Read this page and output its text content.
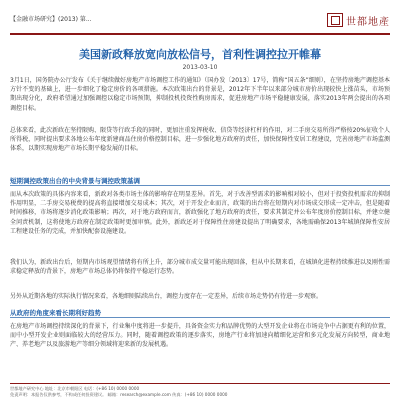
【金融市场研究】(2013) 第...	世都地產
美国新政释放宽向放松信号，首利性调控拉开帷幕
2013-03-10
3月1日，国务院办公厅发布《关于继续做好房地产市场调控工作的通知》（国办发〔2013〕17号，简称“国五条”细则），在坚持房地产调控基本方针不变的基础上，进一步细化了稳定房价的各项措施。本次政策出台的背景是，2012年下半年以来部分城市房价出现较快上涨苗头，市场预期出现分化，政府希望通过加强调控以稳定市场预期，抑制投机投资性购房需求，促进房地产市场平稳健康发展，落实2013年两会提出的各项调控目标。
总体来看，此次新政在坚持限购、限贷等行政手段的同时，更加注重发挥税收、信贷等经济杠杆的作用，对二手房交易所得严格按20%征收个人所得税，同时提出要求各地公布年度新建商品住房价格控制目标，进一步强化地方政府的责任，加快保障性安居工程建设，完善房地产市场监测体系，以期实现房地产市场长期平稳发展的目标。
短期调控政策出台的中央背景与调控政策基调
而从本次政策的具体内容来看，新政对各类市场主体的影响存在明显差异。首先，对于改善型需求的影响相对较小，但对于投资投机需求的抑制作用明显，二手房交易税费的提高将直接增加交易成本；其次，对于开发企业而言，政策的出台将在短期内对市场成交形成一定冲击，但是随着时间推移，市场将逐步消化政策影响；再次，对于地方政府而言，新政强化了地方政府的责任，要求其制定并公布年度房价控制目标，并建立健全问责机制，这将使地方政府在制定政策时更加审慎。此外，新政还对于保障性住房建设提出了明确要求，各地需确保2013年城镇保障性安居工程建设任务的完成，并加快配套设施建设。
我们认为，新政出台后，短期内市场观望情绪将有所上升，部分城市成交量可能出现回落，但从中长期来看，在城镇化进程持续推进以及刚性需求稳定释放的背景下，房地产市场总体仍将保持平稳运行态势。
另外从近期各地的实际执行情况来看，各地细则陆续出台，调控力度存在一定差异，后续市场走势仍有待进一步观察。
从政府的角度来看长期利好趋势
在房地产市场调控持续深化的背景下，行业集中度将进一步提升，具备资金实力和品牌优势的大型开发企业将在市场竞争中占据更有利的位置，而中小型开发企业则面临较大的经营压力。同时，随着调控政策的逐步落实，房地产行业将加速向精细化运营和多元化发展方向转型，商业地产、养老地产以及旅游地产等细分领域将迎来新的发展机遇。
世都地产研究中心 地址：北京市朝阳区 电话：(+86 10) 0000 0000
免责声明：本报告仅供参考，不构成任何投资建议。 邮箱：research@example.com 传真：(+86 10) 0000 0000
